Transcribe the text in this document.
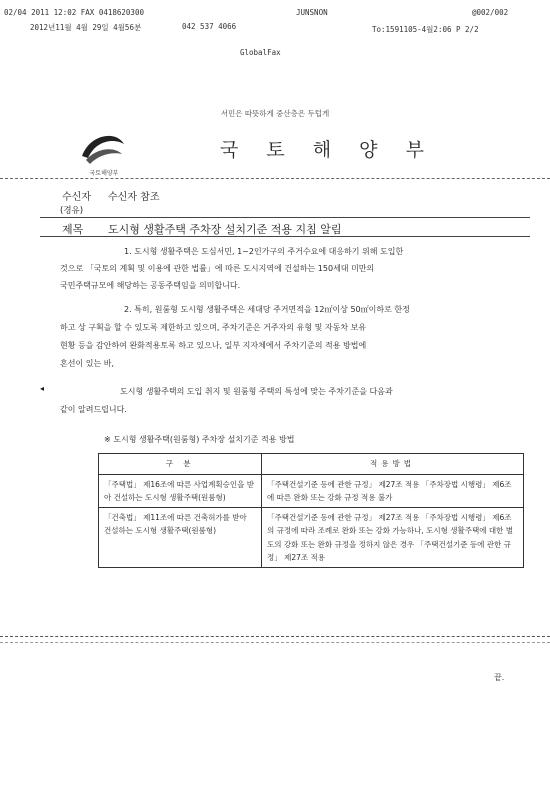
02/04 2011 12:02 FAX 0418620300	JUNSNON	@002/002
2012년11월 4월 29일 4월56분	042 537 4066	To:1591105-4월2:06 P 2/2
GlobalFax
서민은 따뜻하게 중산층은 두텁게
국토해양부
국 토 해 양 부
수신자 수신자 참조
(경유)
제목 도시형 생활주택 주차장 설치기준 적용 지침 알림
1. 도시형 생활주택은 도심서민, 1~2인가구의 주거수요에 대응하기 위해 도입한
것으로 「국토의 계획 및 이용에 관한 법률」에 따른 도시지역에 건설하는 150세대 미만의
국민주택규모에 해당하는 공동주택임을 의미합니다.
2. 특히, 원룸형 도시형 생활주택은 세대당 주거면적을 12㎡이상 50㎡이하로 한정
하고 상 구획을 할 수 있도록 제한하고 있으며, 주차기준은 거주자의 유형 및 자동차 보유
현황 등을 감안하여 완화적용토록 하고 있으나, 일부 지자체에서 주차기준의 적용 방법에
혼선이 있는 바,
◂	도시형 생활주택의 도입 취지 및 원룸형 주택의 특성에 맞는 주차기준을 다음과
같이 알려드립니다.
※ 도시형 생활주택(원룸형) 주차장 설치기준 적용 방법
구 분	적용방법
「주택법」 제16조에 따른 사업계획승인을 받아 건설하는 도시형 생활주택(원룸형)	「주택건설기준 등에 관한 규정」 제27조 적용 「주차장법 시행령」 제6조에 따른 완화 또는 강화 규정 적용 불가
「건축법」 제11조에 따른 건축허가를 받아 건설하는 도시형 생활주택(원룸형)	「주택건설기준 등에 관한 규정」 제27조 적용 「주차장법 시행령」 제6조의 규정에 따라 조례로 완화 또는 강화 가능하나, 도시형 생활주택에 대한 별도의 강화 또는 완화 규정을 정하지 않은 경우 「주택건설기준 등에 관한 규정」 제27조 적용
끝.
